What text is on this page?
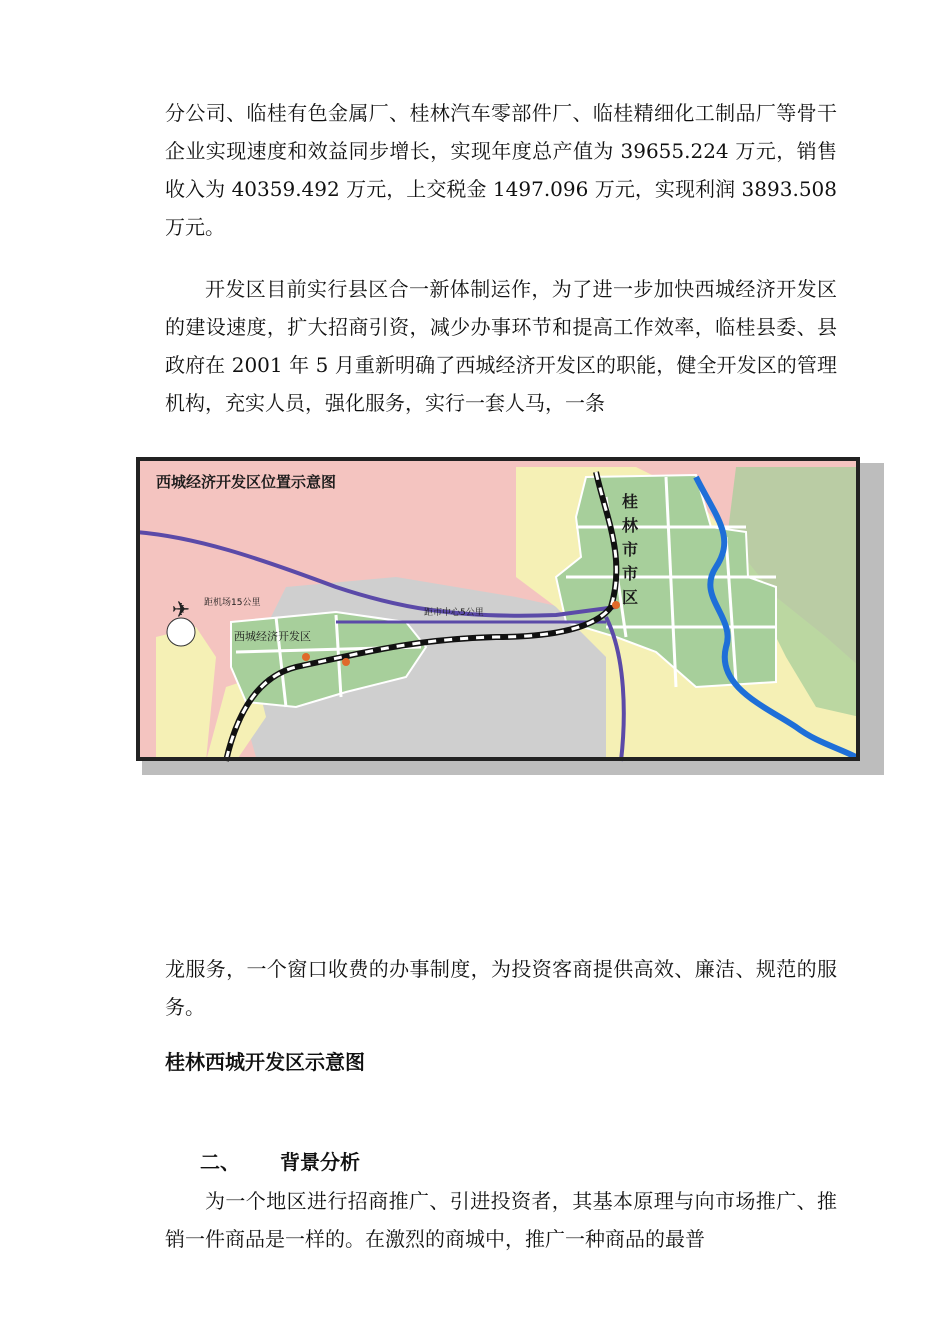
分公司、临桂有色金属厂、桂林汽车零部件厂、临桂精细化工制品厂等骨干企业实现速度和效益同步增长，实现年度总产值为 39655.224 万元，销售收入为 40359.492 万元，上交税金 1497.096 万元，实现利润 3893.508 万元。

开发区目前实行县区合一新体制运作，为了进一步加快西城经济开发区的建设速度，扩大招商引资，减少办事环节和提高工作效率，临桂县委、县政府在 2001 年 5 月重新明确了西城经济开发区的职能，健全开发区的管理机构，充实人员，强化服务，实行一套人马，一条

✈
西城经济开发区位置示意图
桂
林
市
市
区
西城经济开发区
距机场15公里
距市中心5公里

龙服务，一个窗口收费的办事制度，为投资客商提供高效、廉洁、规范的服务。

桂林西城开发区示意图

二、 背景分析

为一个地区进行招商推广、引进投资者，其基本原理与向市场推广、推销一件商品是一样的。在激烈的商城中，推广一种商品的最普
